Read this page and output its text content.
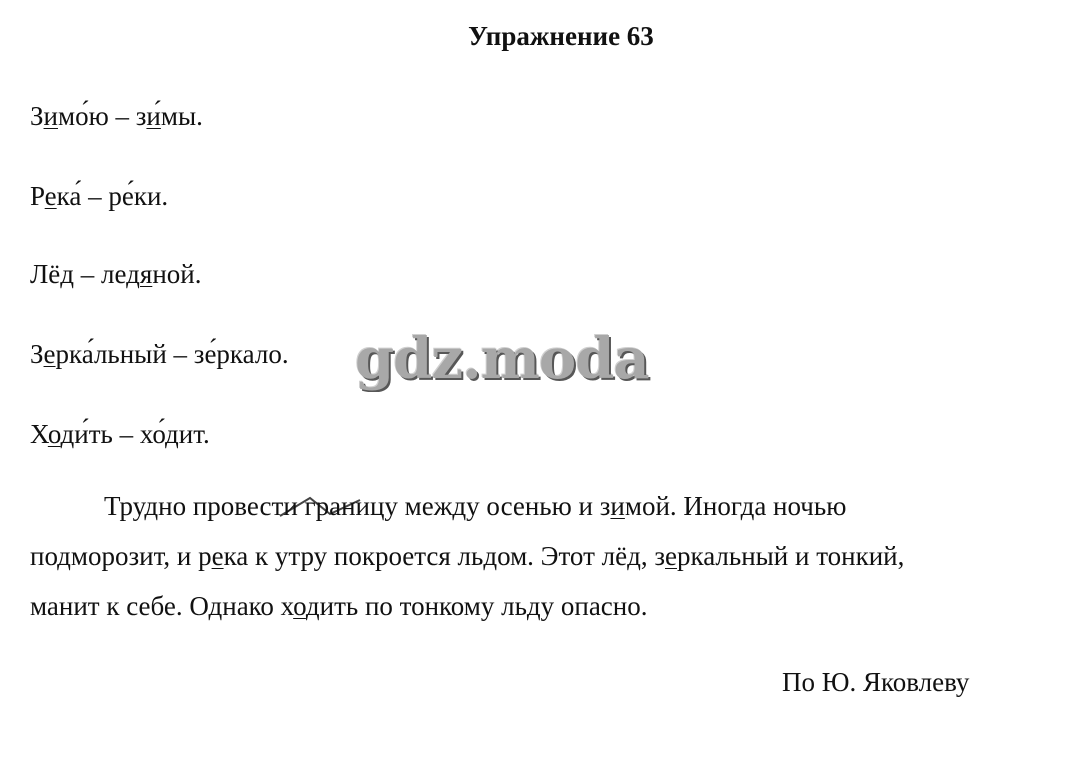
Упражнение 63
Зимо́ю – зи́мы.
Река́ – ре́ки.
Лёд – ледяной.
Зерка́льный – зе́ркало.
Ходи́ть – хо́дит.
gdz.moda
Трудно провести границу между осенью и зимой. Иногда ночью
подморозит, и река к утру покроется льдом. Этот лёд, зеркальный и тонкий,
манит к себе. Однако ходить по тонкому льду опасно.
По Ю. Яковлеву
